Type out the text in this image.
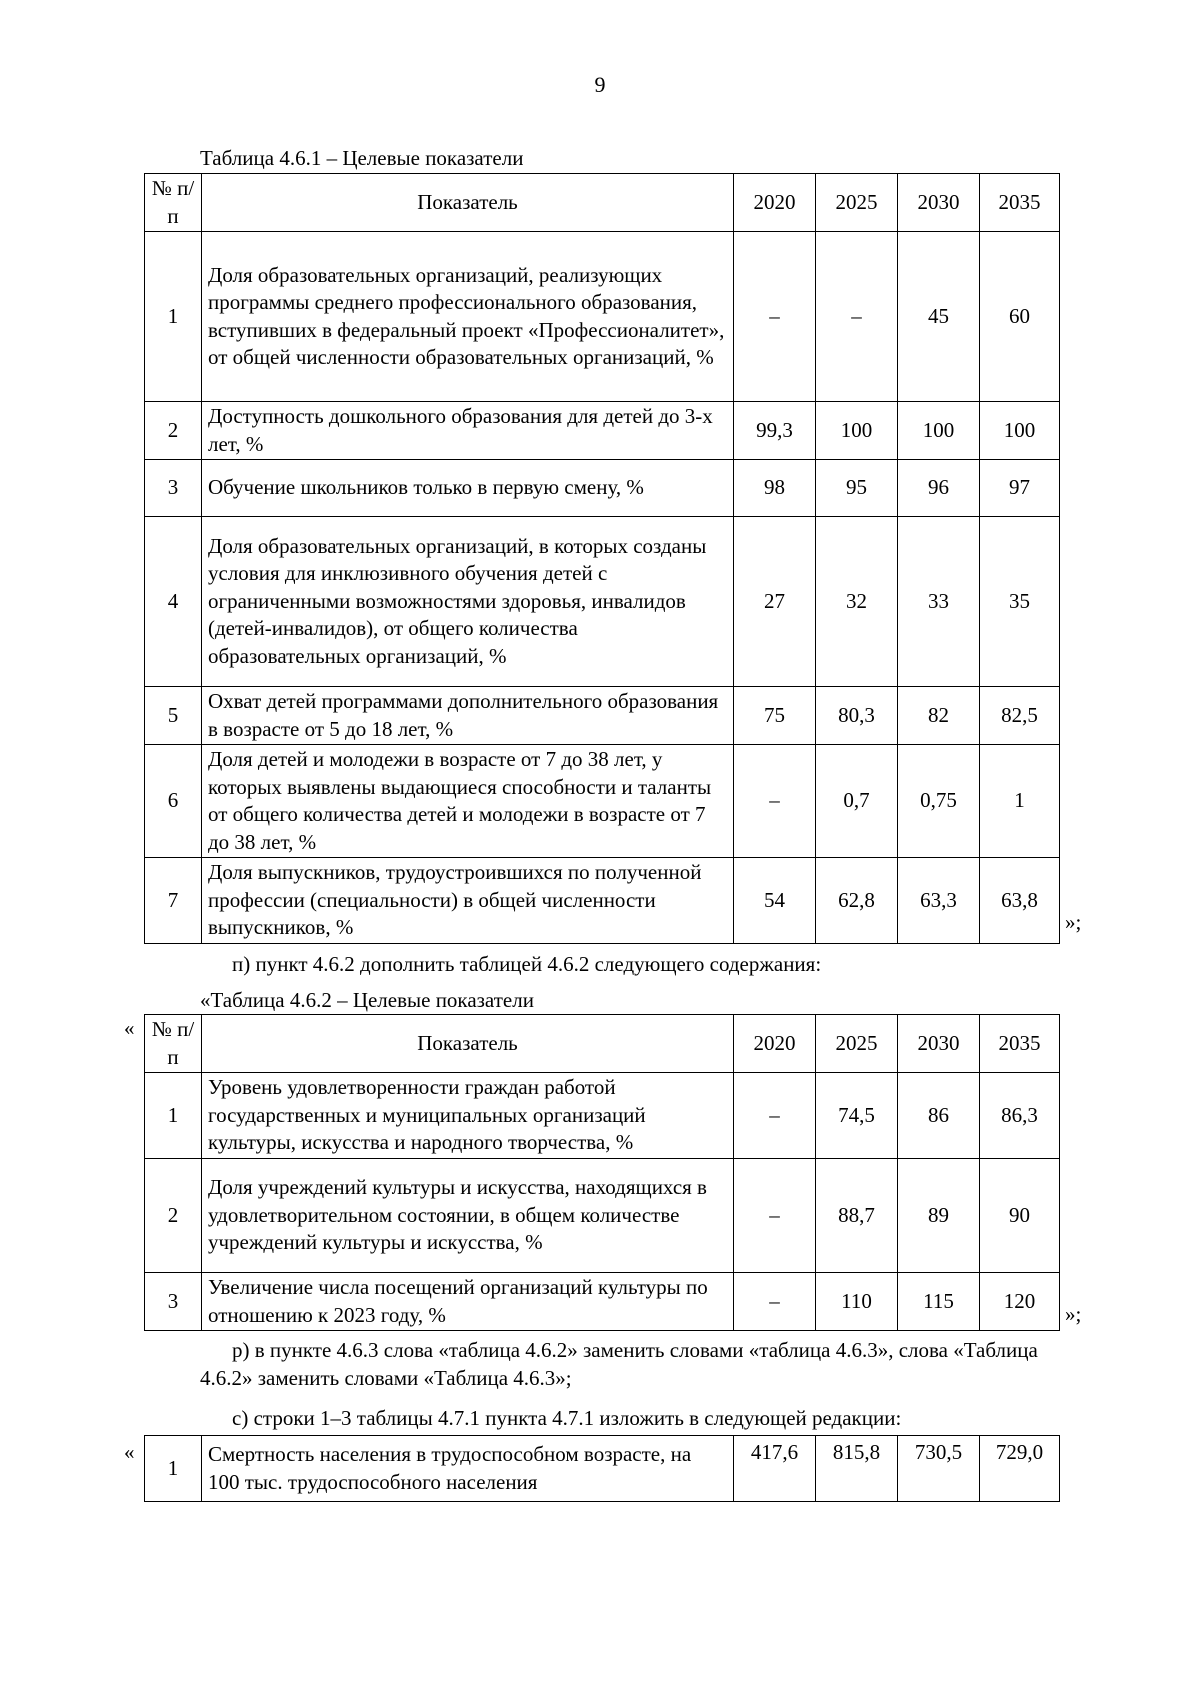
9
Таблица 4.6.1 – Целевые показатели
№ п/п	Показатель	2020	2025	2030	2035
1	Доля образовательных организаций, реализующих программы среднего профессионального образования, вступивших в федеральный проект «Профессионалитет», от общей численности образовательных организаций, %	–	–	45	60
2	Доступность дошкольного образования для детей до 3-х лет, %	99,3	100	100	100
3	Обучение школьников только в первую смену, %	98	95	96	97
4	Доля образовательных организаций, в которых созданы условия для инклюзивного обучения детей с ограниченными возможностями здоровья, инвалидов (детей-инвалидов), от общего количества образовательных организаций, %	27	32	33	35
5	Охват детей программами дополнительного образования в возрасте от 5 до 18 лет, %	75	80,3	82	82,5
6	Доля детей и молодежи в возрасте от 7 до 38 лет, у которых выявлены выдающиеся способности и таланты от общего количества детей и молодежи в возрасте от 7 до 38 лет, %	–	0,7	0,75	1
7	Доля выпускников, трудоустроившихся по полученной профессии (специальности) в общей численности выпускников, %	54	62,8	63,3	63,8
»;
п) пункт 4.6.2 дополнить таблицей 4.6.2 следующего содержания:
«Таблица 4.6.2 – Целевые показатели
« № п/п	Показатель	2020	2025	2030	2035
1	Уровень удовлетворенности граждан работой государственных и муниципальных организаций культуры, искусства и народного творчества, %	–	74,5	86	86,3
2	Доля учреждений культуры и искусства, находящихся в удовлетворительном состоянии, в общем количестве учреждений культуры и искусства, %	–	88,7	89	90
3	Увеличение числа посещений организаций культуры по отношению к 2023 году, %	–	110	115	120
»;
р) в пункте 4.6.3 слова «таблица 4.6.2» заменить словами «таблица 4.6.3», слова «Таблица 4.6.2» заменить словами «Таблица 4.6.3»;
с) строки 1–3 таблицы 4.7.1 пункта 4.7.1 изложить в следующей редакции:
«
1	Смертность населения в трудоспособном возрасте, на 100 тыс. трудоспособного населения	417,6	815,8	730,5	729,0
